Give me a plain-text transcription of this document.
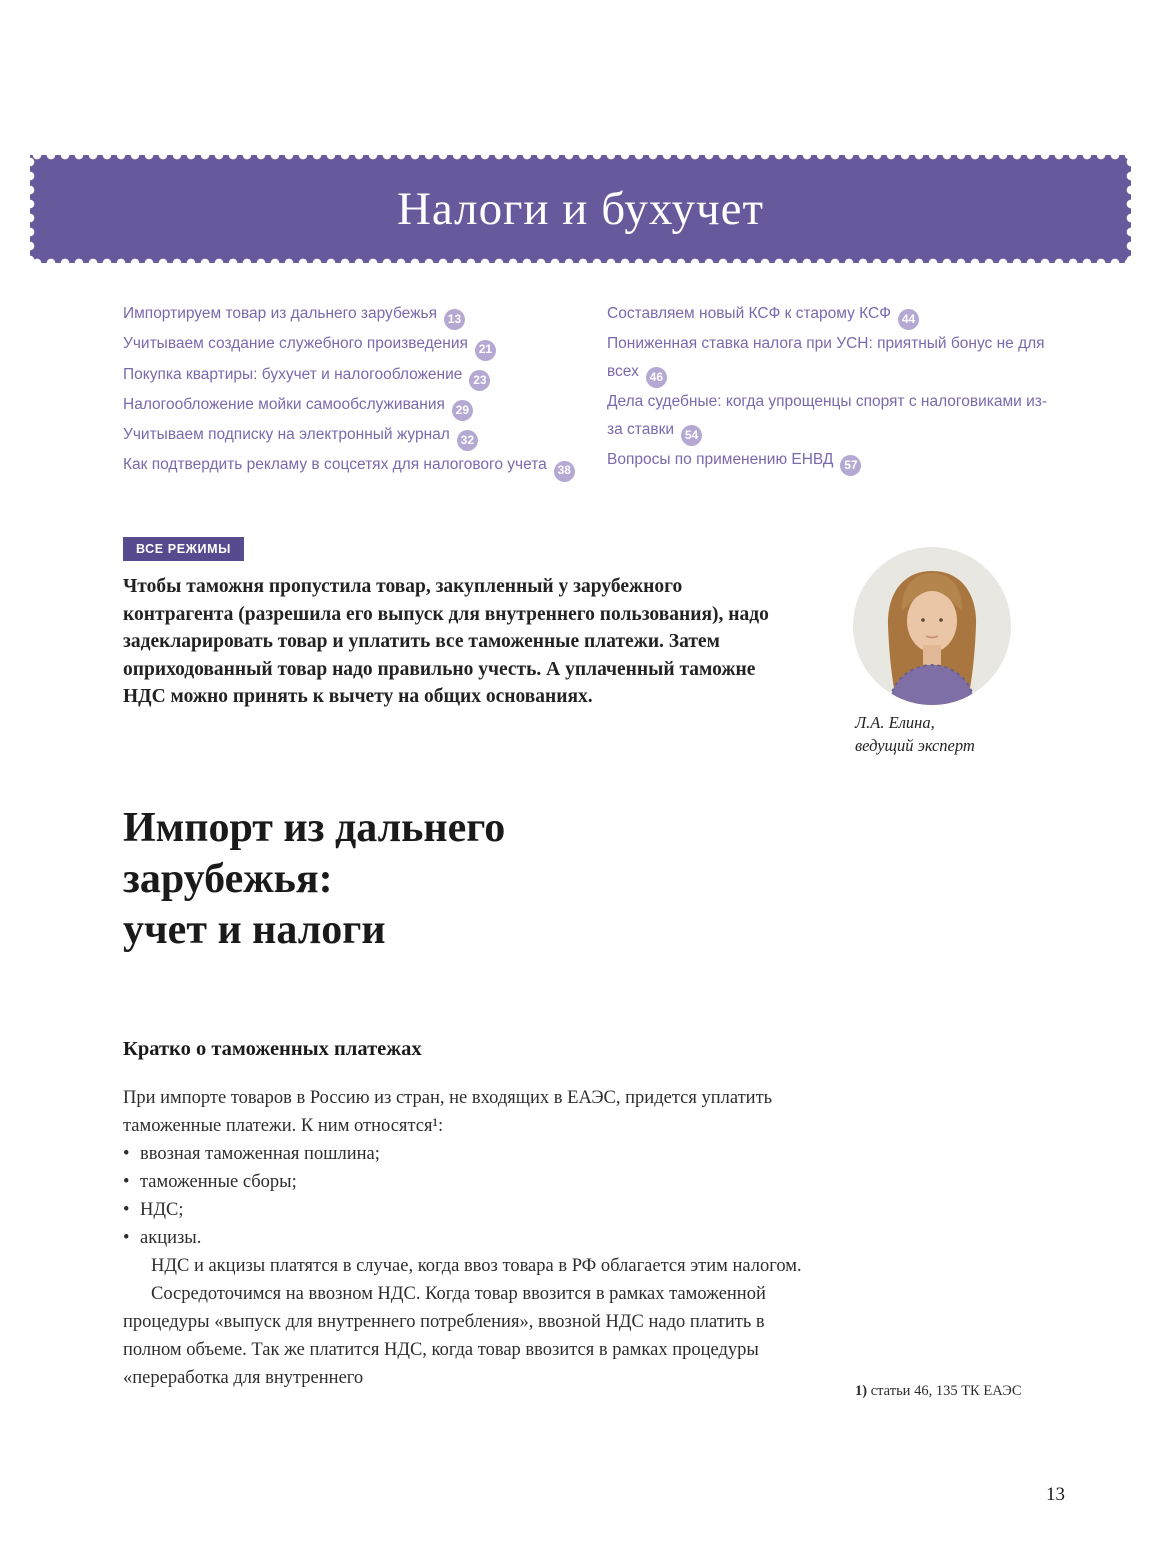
Налоги и бухучет
Импортируем товар из дальнего зарубежья 13
Учитываем создание служебного произведения 21
Покупка квартиры: бухучет и налогообложение 23
Налогообложение мойки самообслуживания 29
Учитываем подписку на электронный журнал 32
Как подтвердить рекламу в соцсетях для налогового учета 38
Составляем новый КСФ к старому КСФ 44
Пониженная ставка налога при УСН: приятный бонус не для всех 46
Дела судебные: когда упрощенцы спорят с налоговиками из-за ставки 54
Вопросы по применению ЕНВД 57
ВСЕ РЕЖИМЫ

Чтобы таможня пропустила товар, закупленный у зарубежного контрагента (разрешила его выпуск для внутреннего пользования), надо задекларировать товар и уплатить все таможенные платежи. Затем оприходованный товар надо правильно учесть. А уплаченный таможне НДС можно принять к вычету на общих основаниях.

Л.А. Елина,
ведущий эксперт
Импорт из дальнего
зарубежья:
учет и налоги
Кратко о таможенных платежах

При импорте товаров в Россию из стран, не входящих в ЕАЭС, придется уплатить таможенные платежи. К ним относятся¹:

• ввозная таможенная пошлина;
• таможенные сборы;
• НДС;
• акцизы.

НДС и акцизы платятся в случае, когда ввоз товара в РФ облагается этим налогом.

Сосредоточимся на ввозном НДС. Когда товар ввозится в рамках таможенной процедуры «выпуск для внутреннего потребления», ввозной НДС надо платить в полном объеме. Так же платится НДС, когда товар ввозится в рамках процедуры «переработка для внутреннего

1) статьи 46, 135 ТК ЕАЭС
13
